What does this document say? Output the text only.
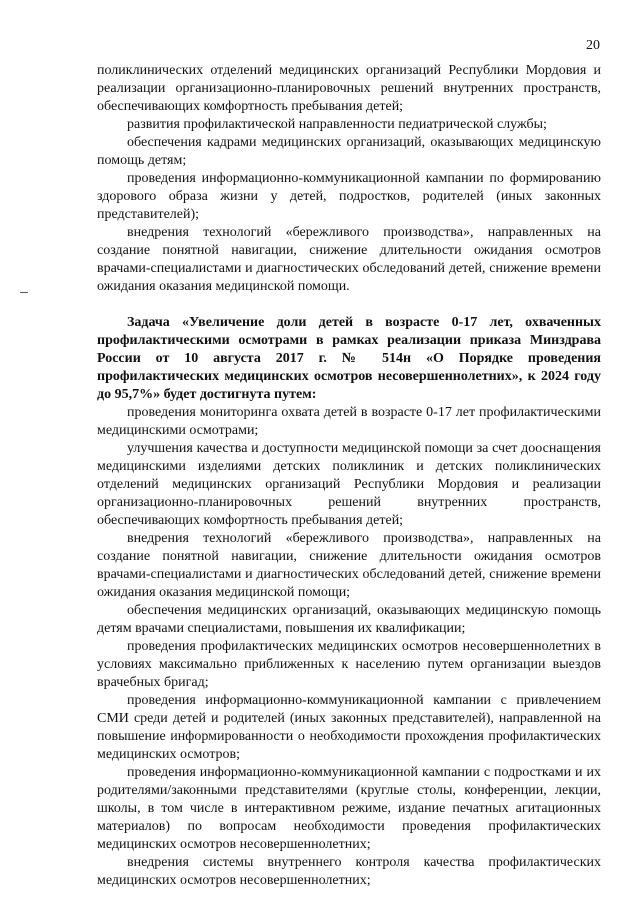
20

поликлинических отделений медицинских организаций Республики Мордовия и реализации организационно-планировочных решений внутренних пространств, обеспечивающих комфортность пребывания детей;

развития профилактической направленности педиатрической службы;

обеспечения кадрами медицинских организаций, оказывающих медицинскую помощь детям;

проведения информационно-коммуникационной кампании по формированию здорового образа жизни у детей, подростков, родителей (иных законных представителей);

внедрения технологий «бережливого производства», направленных на создание понятной навигации, снижение длительности ожидания осмотров врачами-специалистами и диагностических обследований детей, снижение времени ожидания оказания медицинской помощи.

Задача «Увеличение доли детей в возрасте 0-17 лет, охваченных профилактическими осмотрами в рамках реализации приказа Минздрава России от 10 августа 2017 г. № 514н «О Порядке проведения профилактических медицинских осмотров несовершеннолетних», к 2024 году до 95,7%» будет достигнута путем:

проведения мониторинга охвата детей в возрасте 0-17 лет профилактическими медицинскими осмотрами;

улучшения качества и доступности медицинской помощи за счет дооснащения медицинскими изделиями детских поликлиник и детских поликлинических отделений медицинских организаций Республики Мордовия и реализации организационно-планировочных решений внутренних пространств, обеспечивающих комфортность пребывания детей;

внедрения технологий «бережливого производства», направленных на создание понятной навигации, снижение длительности ожидания осмотров врачами-специалистами и диагностических обследований детей, снижение времени ожидания оказания медицинской помощи;

обеспечения медицинских организаций, оказывающих медицинскую помощь детям врачами специалистами, повышения их квалификации;

проведения профилактических медицинских осмотров несовершеннолетних в условиях максимально приближенных к населению путем организации выездов врачебных бригад;

проведения информационно-коммуникационной кампании с привлечением СМИ среди детей и родителей (иных законных представителей), направленной на повышение информированности о необходимости прохождения профилактических медицинских осмотров;

проведения информационно-коммуникационной кампании с подростками и их родителями/законными представителями (круглые столы, конференции, лекции, школы, в том числе в интерактивном режиме, издание печатных агитационных материалов) по вопросам необходимости проведения профилактических медицинских осмотров несовершеннолетних;

внедрения системы внутреннего контроля качества профилактических медицинских осмотров несовершеннолетних;
